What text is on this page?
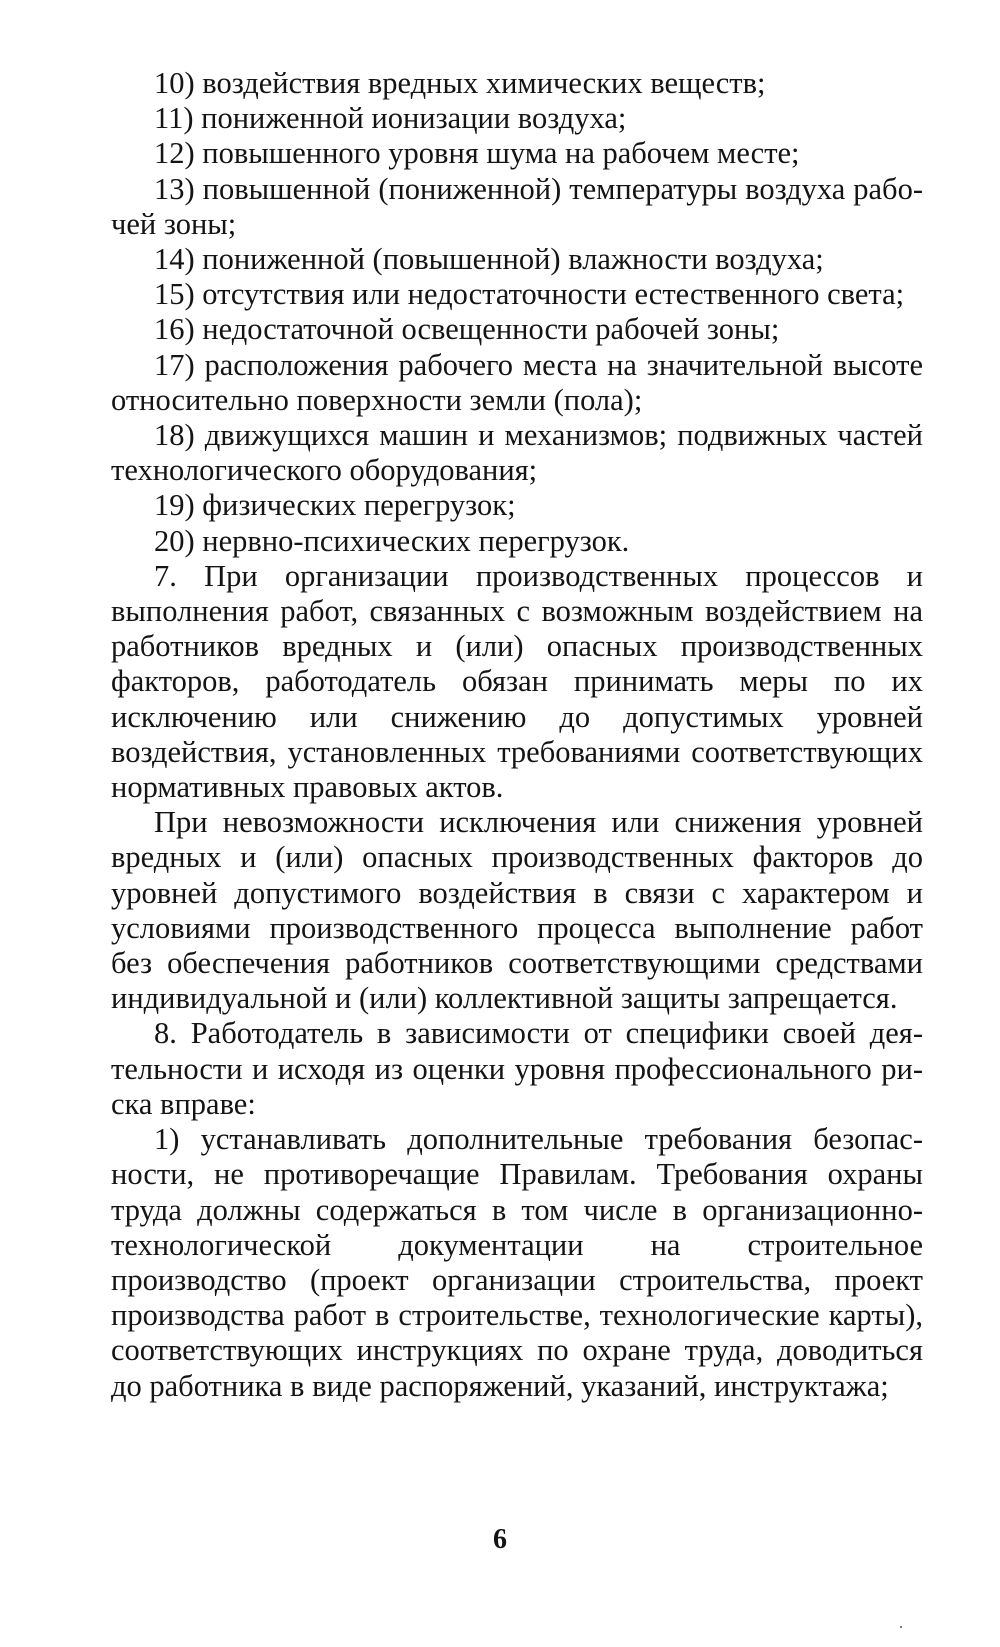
10) воздействия вредных химических веществ;

11) пониженной ионизации воздуха;

12) повышенного уровня шума на рабочем месте;

13) повышенной (пониженной) температуры воздуха рабочей зоны;

14) пониженной (повышенной) влажности воздуха;

15) отсутствия или недостаточности естественного света;

16) недостаточной освещенности рабочей зоны;

17) расположения рабочего места на значительной высоте относительно поверхности земли (пола);

18) движущихся машин и механизмов; подвижных частей технологического оборудования;

19) физических перегрузок;

20) нервно-психических перегрузок.

7. При организации производственных процессов и выполнения работ, связанных с возможным воздействием на работников вредных и (или) опасных производственных факторов, работодатель обязан принимать меры по их исключению или снижению до допустимых уровней воздействия, установленных требованиями соответствующих нормативных правовых актов.

При невозможности исключения или снижения уровней вредных и (или) опасных производственных факторов до уровней допустимого воздействия в связи с характером и условиями производственного процесса выполнение работ без обеспечения работников соответствующими средствами индивидуальной и (или) коллективной защиты запрещается.

8. Работодатель в зависимости от специфики своей деятельности и исходя из оценки уровня профессионального риска вправе:

1) устанавливать дополнительные требования безопасности, не противоречащие Правилам. Требования охраны труда должны содержаться в том числе в организационно-технологической документации на строительное производство (проект организации строительства, проект производства работ в строительстве, технологические карты), соответствующих инструкциях по охране труда, доводиться до работника в виде распоряжений, указаний, инструктажа;

6
